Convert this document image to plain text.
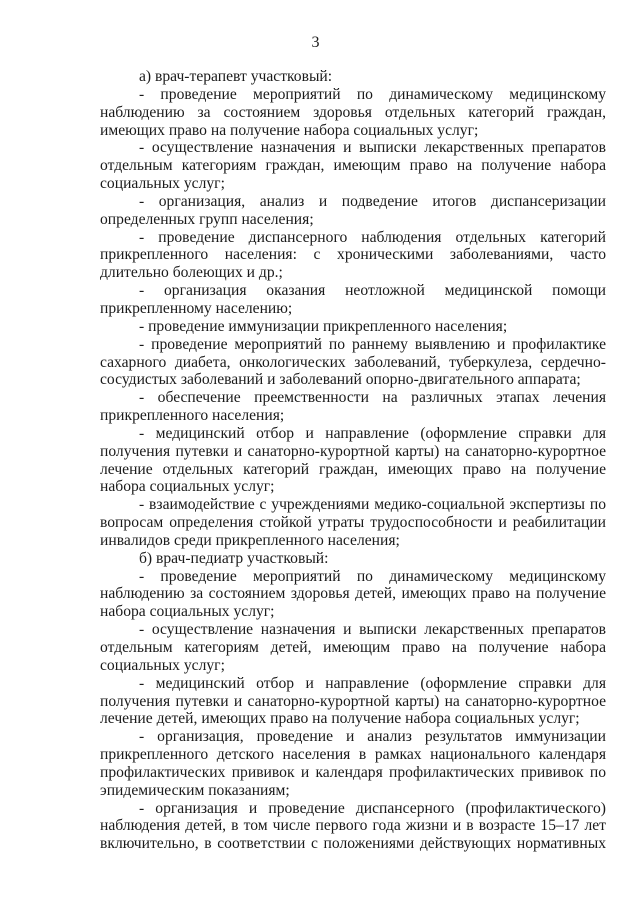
3

а) врач-терапевт участковый:

- проведение мероприятий по динамическому медицинскому наблюдению за состоянием здоровья отдельных категорий граждан, имеющих право на получение набора социальных услуг;

- осуществление назначения и выписки лекарственных препаратов отдельным категориям граждан, имеющим право на получение набора социальных услуг;

- организация, анализ и подведение итогов диспансеризации определенных групп населения;

- проведение диспансерного наблюдения отдельных категорий прикрепленного населения: с хроническими заболеваниями, часто длительно болеющих и др.;

- организация оказания неотложной медицинской помощи прикрепленному населению;

- проведение иммунизации прикрепленного населения;

- проведение мероприятий по раннему выявлению и профилактике сахарного диабета, онкологических заболеваний, туберкулеза, сердечно-сосудистых заболеваний и заболеваний опорно-двигательного аппарата;

- обеспечение преемственности на различных этапах лечения прикрепленного населения;

- медицинский отбор и направление (оформление справки для получения путевки и санаторно-курортной карты) на санаторно-курортное лечение отдельных категорий граждан, имеющих право на получение набора социальных услуг;

- взаимодействие с учреждениями медико-социальной экспертизы по вопросам определения стойкой утраты трудоспособности и реабилитации инвалидов среди прикрепленного населения;

б) врач-педиатр участковый:

- проведение мероприятий по динамическому медицинскому наблюдению за состоянием здоровья детей, имеющих право на получение набора социальных услуг;

- осуществление назначения и выписки лекарственных препаратов отдельным категориям детей, имеющим право на получение набора социальных услуг;

- медицинский отбор и направление (оформление справки для получения путевки и санаторно-курортной карты) на санаторно-курортное лечение детей, имеющих право на получение набора социальных услуг;

- организация, проведение и анализ результатов иммунизации прикрепленного детского населения в рамках национального календаря профилактических прививок и календаря профилактических прививок по эпидемическим показаниям;

- организация и проведение диспансерного (профилактического) наблюдения детей, в том числе первого года жизни и в возрасте 15–17 лет включительно, в соответствии с положениями действующих нормативных
